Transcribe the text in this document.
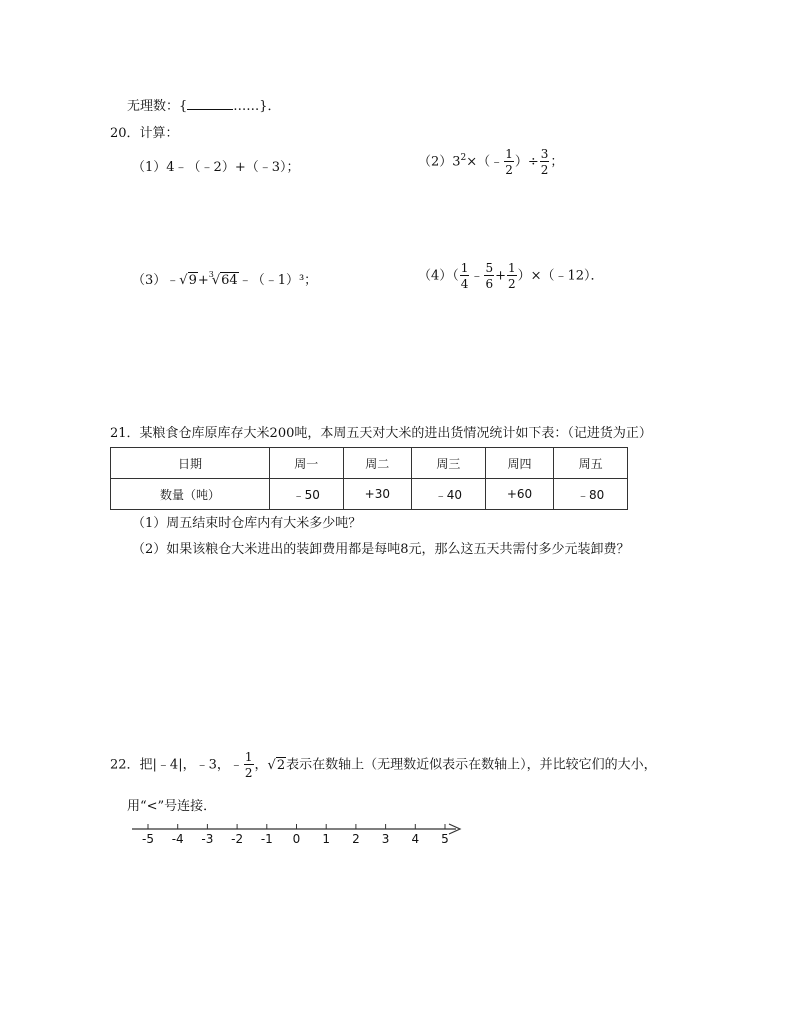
无理数：{	……}．
20．计算：
（1）4﹣（﹣2）+（﹣3）；	$(2)3^2\times(﹣ \frac{1}{2}$ ）÷ $\frac{3}{2}$ ；
（3）﹣√9+$^3$√64﹣（﹣1）³；	$(4)( \frac{1}{4}$ ﹣ $\frac{5}{6} + \frac{1}{2}$ ）×（﹣12）．
21．某粮食仓库原库存大米200吨，本周五天对大米的进出货情况统计如下表：（记进货为正）
日期	周一	周二	周三	周四	周五
数量（吨）	﹣50	+30	﹣40	+60	﹣80
（1）周五结束时仓库内有大米多少吨？
（2）如果该粮仓大米进出的装卸费用都是每吨8元，那么这五天共需付多少元装卸费？
22．把|﹣4|，﹣3，﹣ $\frac{1}{2}$ ，√2表示在数轴上（无理数近似表示在数轴上），并比较它们的大小，
用“<”号连接．
-5 -4 -3 -2 -1 0 1 2 3 4 5
